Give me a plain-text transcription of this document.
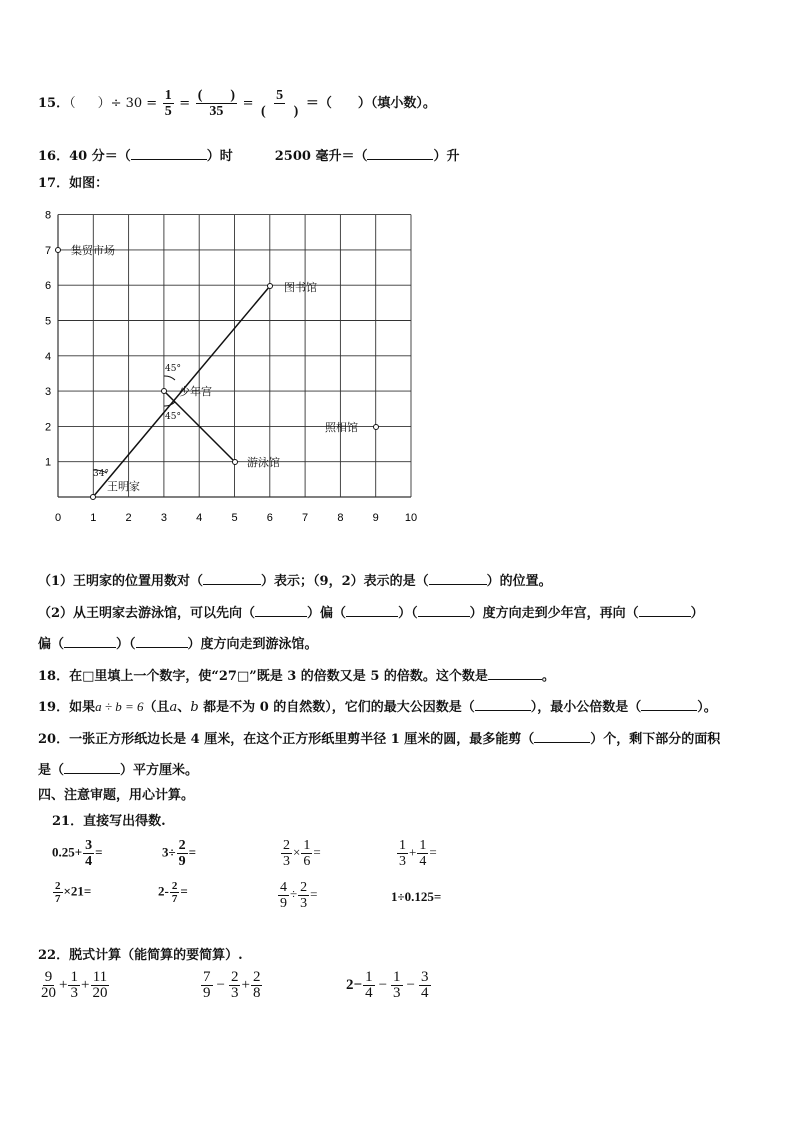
15．（ ）÷ $30 = \frac{1}{5} = \frac{( )}{35} = \frac{5}{( )}$ ＝（　　）（填小数）。
16．40 分＝（	）时	2500 毫升＝（	）升
17．如图：
0	1	2	3	4	5	6	7	8	9 10
1
2
3
4
5
6
7
8
集贸市场
图书馆
少年宫
照相馆
游泳馆
王明家
34°
45°
45°
（1）王明家的位置用数对（	）表示；（9，2）表示的是（	）的位置。
（2）从王明家去游泳馆，可以先向（	）偏（	）（	）度方向走到少年宫，再向（	）
偏（	）（	）度方向走到游泳馆。
18．在□里填上一个数字，使“27□”既是 3 的倍数又是 5 的倍数。这个数是	。
19．如果a ÷ b = 6（且a、b 都是不为 0 的自然数），它们的最大公因数是（	），最小公倍数是（	）。
20．一张正方形纸边长是 4 厘米，在这个正方形纸里剪半径 1 厘米的圆，最多能剪（	）个，剩下部分的面积
是（	）平方厘米。
四、注意审题，用心计算。
21．直接写出得数.
$0.25+ \frac{3}{4}$ =	$3\div \frac{2}{9}$ =	$\frac{2}{3} \times \frac{1}{6}$ =	$\frac{1}{3} + \frac{1}{4}$ =
$\frac{2}{7} \times 21=$	$2- \frac{2}{7}$ =	$\frac{4}{9} \div \frac{2}{3}$ =	1÷0.125=
22．脱式计算（能简算的要简算）.
$\frac{9}{20} + \frac{1}{3} + \frac{11}{20}$	$\frac{7}{9} - \frac{2}{3} + \frac{2}{8}$	$2- \frac{1}{4} - \frac{1}{3} - \frac{3}{4}$
